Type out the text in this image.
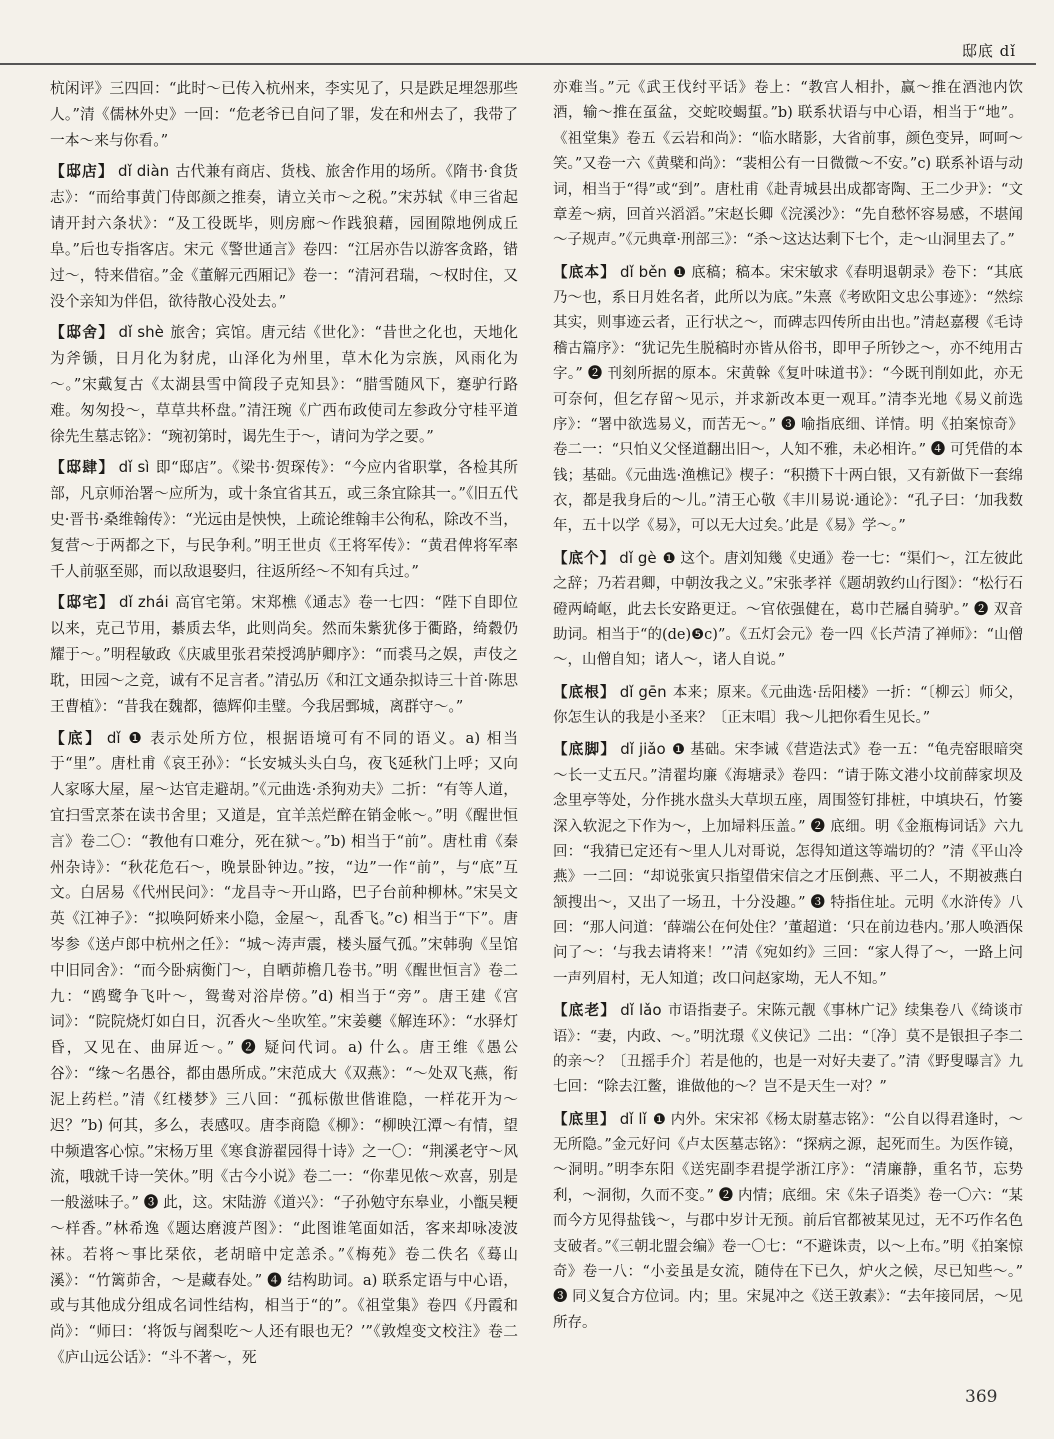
邸底 dǐ

杭闲评》三四回：“此时～已传入杭州来，李实见了，只是跌足埋怨那些人。”清《儒林外史》一回：“危老爷已自问了罪，发在和州去了，我带了一本～来与你看。”

【邸店】 dǐ diàn 古代兼有商店、货栈、旅舍作用的场所。《隋书·食货志》：“而给事黄门侍郎颜之推奏，请立关市～之税。”宋苏轼《申三省起请开封六条状》：“及工役既毕，则房廊～作践狼藉，园囿隙地例成丘阜。”后也专指客店。宋元《警世通言》卷四：“江居亦告以游客贪路，错过～，特来借宿。”金《董解元西厢记》卷一：“清河君瑞，～权时住，又没个亲知为伴侣，欲待散心没处去。”

【邸舍】 dǐ shè 旅舍；宾馆。唐元结《世化》：“昔世之化也，天地化为斧锧，日月化为豺虎，山泽化为州里，草木化为宗族，风雨化为～。”宋戴复古《太湖县雪中简段子克知县》：“腊雪随风下，蹇驴行路难。匆匆投～，草草共杯盘。”清汪琬《广西布政使司左参政分守桂平道徐先生墓志铭》：“琬初第时，谒先生于～，请问为学之要。”

【邸肆】 dǐ sì 即“邸店”。《梁书·贺琛传》：“今应内省职掌，各检其所部，凡京师治署～应所为，或十条宜省其五，或三条宜除其一。”《旧五代史·晋书·桑维翰传》：“光远由是怏怏，上疏论维翰丰公徇私，除改不当，复营～于两都之下，与民争利。”明王世贞《王将军传》：“黄君俾将军率千人前驱至郧，而以敌退娶归，往返所经～不知有兵过。”

【邸宅】 dǐ zhái 高官宅第。宋郑樵《通志》卷一七四：“陛下自即位以来，克己节用，綦质去华，此则尚矣。然而朱紫犹侈于衢路，绮縠仍耀于～。”明程敏政《庆戚里张君荣授鸿胪卿序》：“而裘马之娱，声伎之耽，田园～之竞，诚有不足言者。”清弘历《和江文通杂拟诗三十首·陈思王曹植》：“昔我在魏都，德辉仰圭璧。今我居鄄城，离群守～。”

【底】 dǐ ❶ 表示处所方位，根据语境可有不同的语义。a) 相当于“里”。唐杜甫《哀王孙》：“长安城头头白乌，夜飞延秋门上呼；又向人家啄大屋，屋～达官走避胡。”《元曲选·杀狗劝夫》二折：“有等人道，宜扫雪烹茶在读书舍里；又道是，宜羊羔烂醉在销金帐～。”明《醒世恒言》卷二〇：“教他有口难分，死在狱～。”b) 相当于“前”。唐杜甫《秦州杂诗》：“秋花危石～，晚景卧钟边。”按，“边”一作“前”，与“底”互文。白居易《代州民问》：“龙昌寺～开山路，巴子台前种柳林。”宋吴文英《江神子》：“拟唤阿娇来小隐，金屋～，乱香飞。”c) 相当于“下”。唐岑参《送卢郎中杭州之任》：“城～涛声震，楼头蜃气孤。”宋韩驹《呈馆中旧同舍》：“而今卧病衡门～，自晒茆檐几卷书。”明《醒世恒言》卷二九：“鸥鹭争飞叶～，鸳鸯对浴岸傍。”d) 相当于“旁”。唐王建《宫词》：“院院烧灯如白日，沉香火～坐吹笙。”宋姜夔《解连环》：“水驿灯昏，又见在、曲屏近～。” ❷ 疑问代词。a) 什么。唐王维《愚公谷》：“缘～名愚谷，都由愚所成。”宋范成大《双燕》：“～处双飞燕，衔泥上药栏。”清《红楼梦》三八回：“孤标傲世偕谁隐，一样花开为～迟？”b) 何其，多么，表感叹。唐李商隐《柳》：“柳映江潭～有情，望中频遣客心惊。”宋杨万里《寒食游翟园得十诗》之一〇：“荆溪老守～风流，哦就千诗一笑休。”明《古今小说》卷二一：“你辈见侬～欢喜，别是一般滋味子。” ❸ 此，这。宋陆游《道兴》：“子孙勉守东皋业，小甑吴粳～样香。”林希逸《题达磨渡芦图》：“此图谁笔面如活，客来却咏凌波袜。若将～事比栞依，老胡暗中定恙杀。”《梅苑》卷二佚名《蓦山溪》：“竹篱茆舍，～是藏春处。” ❹ 结构助词。a) 联系定语与中心语，或与其他成分组成名词性结构，相当于“的”。《祖堂集》卷四《丹霞和尚》：“师曰：‘将饭与阇梨吃～人还有眼也无？’”《敦煌变文校注》卷二《庐山远公话》：“斗不著～，死

亦难当。”元《武王伐纣平话》卷上：“教宫人相扑，赢～推在酒池内饮酒，输～推在虿盆，交蛇咬蝎蜇。”b) 联系状语与中心语，相当于“地”。《祖堂集》卷五《云岩和尚》：“临水睹影，大省前事，颜色变异，呵呵～笑。”又卷一六《黄檗和尚》：“裴相公有一日微微～不安。”c) 联系补语与动词，相当于“得”或“到”。唐杜甫《赴青城县出成都寄陶、王二少尹》：“文章差～病，回首兴滔滔。”宋赵长卿《浣溪沙》：“先自愁怀容易感，不堪闻～子规声。”《元典章·刑部三》：“杀～这达达剩下七个，走～山洞里去了。”

【底本】 dǐ běn ❶ 底稿；稿本。宋宋敏求《春明退朝录》卷下：“其底乃～也，系日月姓名者，此所以为底。”朱熹《考欧阳文忠公事迹》：“然综其实，则事迹云者，正行状之～，而碑志四传所由出也。”清赵嘉稷《毛诗稽古篇序》：“犹记先生脱稿时亦皆从俗书，即甲子所钞之～，亦不纯用古字。” ❷ 刊刻所据的原本。宋黄榦《复叶味道书》：“今既刊削如此，亦无可奈何，但乞存留～见示，并求新改本更一观耳。”清李光地《易义前选序》：“署中欲选易义，而苦无～。” ❸ 喻指底细、详情。明《拍案惊奇》卷二一：“只怕义父怪道翻出旧～，人知不雅，未必相许。” ❹ 可凭借的本钱；基础。《元曲选·渔樵记》楔子：“积攒下十两白银，又有新做下一套绵衣，都是我身后的～儿。”清王心敬《丰川易说·通论》：“孔子曰：‘加我数年，五十以学《易》，可以无大过矣。’此是《易》学～。”

【底个】 dǐ gè ❶ 这个。唐刘知幾《史通》卷一七：“渠们～，江左彼此之辞；乃若君卿，中朝汝我之义。”宋张孝祥《题胡敦约山行图》：“松行石磴两崎岖，此去长安路更迂。～官依强健在，葛巾芒屩自骑驴。” ❷ 双音助词。相当于“的(de)❺c)”。《五灯会元》卷一四《长芦清了禅师》：“山僧～，山僧自知；诸人～，诸人自说。”

【底根】 dǐ gēn 本来；原来。《元曲选·岳阳楼》一折：“〔柳云〕师父，你怎生认的我是小圣来？〔正末唱〕我～儿把你看生见长。”

【底脚】 dǐ jiǎo ❶ 基础。宋李诫《营造法式》卷一五：“龟壳窑眼暗突～长一丈五尺。”清翟均廉《海塘录》卷四：“请于陈文港小坟前薛家坝及念里亭等处，分作挑水盘头大草坝五座，周围签钉排桩，中填块石，竹篓深入软泥之下作为～，上加埽料压盖。” ❷ 底细。明《金瓶梅词话》六九回：“我猜已定还有～里人儿对哥说，怎得知道这等端切的？”清《平山冷燕》一二回：“却说张寅只指望借宋信之才压倒燕、平二人，不期被燕白颔搜出～，又出了一场丑，十分没趣。” ❸ 特指住址。元明《水浒传》八回：“那人问道：‘薛端公在何处住？’董超道：‘只在前边巷内。’那人唤酒保问了～：‘与我去请将来！’”清《宛如约》三回：“家人得了～，一路上问一声列眉村，无人知道；改口问赵家坳，无人不知。”

【底老】 dǐ lǎo 市语指妻子。宋陈元靓《事林广记》续集卷八《绮谈市语》：“妻，内政、～。”明沈璟《义侠记》二出：“〔净〕莫不是银担子李二的亲～？〔丑摇手介〕若是他的，也是一对好夫妻了。”清《野叟曝言》九七回：“除去江鳖，谁做他的～？岂不是天生一对？”

【底里】 dǐ lǐ ❶ 内外。宋宋祁《杨太尉墓志铭》：“公自以得君逢时，～无所隐。”金元好问《卢太医墓志铭》：“探病之源，起死而生。为医作镜，～洞明。”明李东阳《送宪副李君提学浙江序》：“清廉静，重名节，忘势利，～洞彻，久而不变。” ❷ 内情；底细。宋《朱子语类》卷一〇六：“某而今方见得盐钱～，与郡中岁计无预。前后官都被某见过，无不巧作名色支破者。”《三朝北盟会编》卷一〇七：“不避诛责，以～上布。”明《拍案惊奇》卷一八：“小妾虽是女流，随侍在下已久，炉火之候，尽已知些～。” ❸ 同义复合方位词。内；里。宋晁冲之《送王敦素》：“去年接同居，～见所存。

369
